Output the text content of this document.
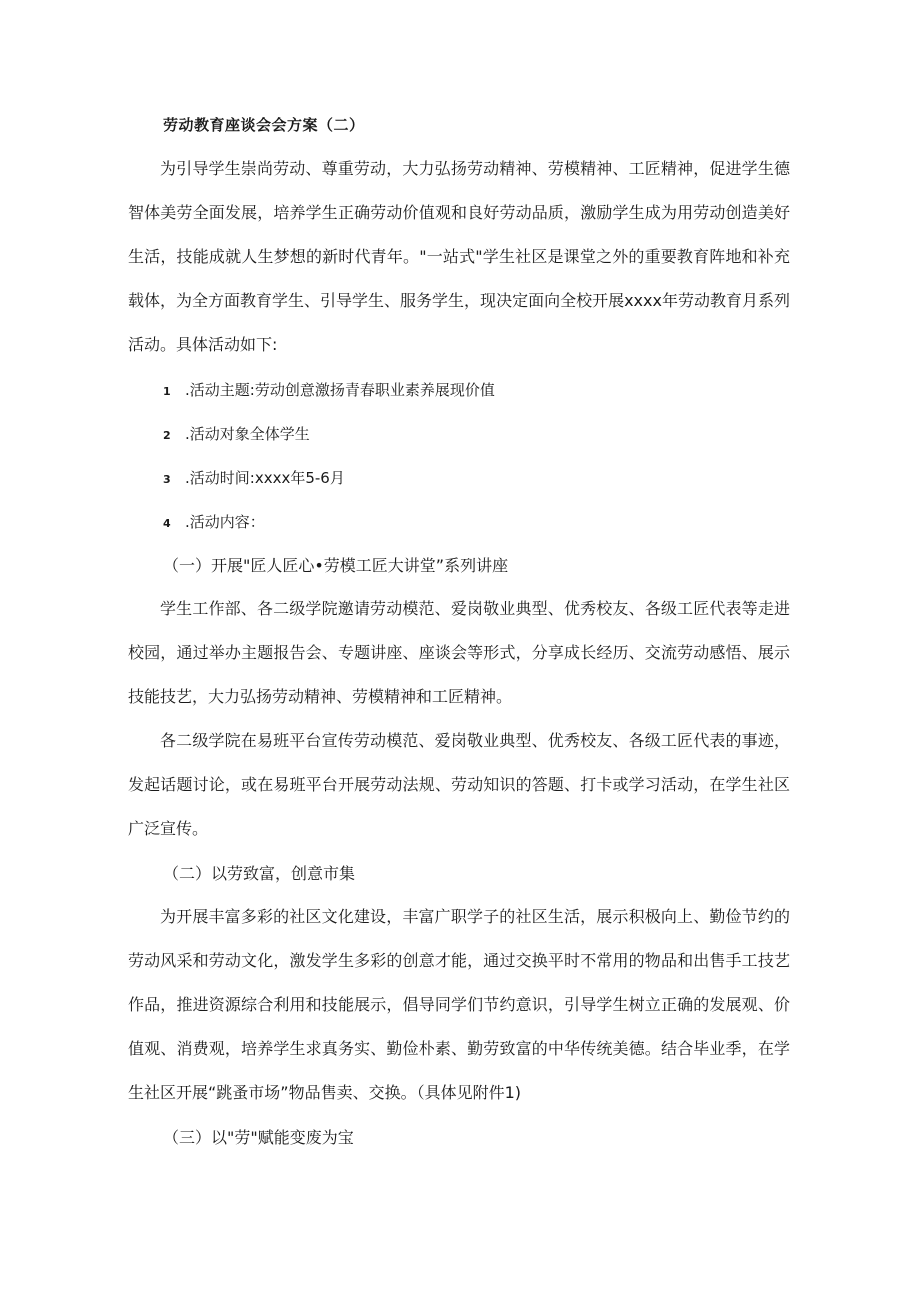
劳动教育座谈会会方案（二）

为引导学生崇尚劳动、尊重劳动，大力弘扬劳动精神、劳模精神、工匠精神，促进学生德智体美劳全面发展，培养学生正确劳动价值观和良好劳动品质，激励学生成为用劳动创造美好生活，技能成就人生梦想的新时代青年。"一站式"学生社区是课堂之外的重要教育阵地和补充载体，为全方面教育学生、引导学生、服务学生，现决定面向全校开展xxxx年劳动教育月系列活动。具体活动如下:

1 .活动主题:劳动创意激扬青春职业素养展现价值
2 .活动对象全体学生
3 .活动时间:xxxx年5-6月
4 .活动内容：
（一）开展"匠人匠心•劳模工匠大讲堂”系列讲座

学生工作部、各二级学院邀请劳动模范、爱岗敬业典型、优秀校友、各级工匠代表等走进校园，通过举办主题报告会、专题讲座、座谈会等形式，分享成长经历、交流劳动感悟、展示技能技艺，大力弘扬劳动精神、劳模精神和工匠精神。

各二级学院在易班平台宣传劳动模范、爱岗敬业典型、优秀校友、各级工匠代表的事迹，发起话题讨论，或在易班平台开展劳动法规、劳动知识的答题、打卡或学习活动，在学生社区广泛宣传。

（二）以劳致富，创意市集

为开展丰富多彩的社区文化建设，丰富广职学子的社区生活，展示积极向上、勤俭节约的劳动风采和劳动文化，激发学生多彩的创意才能，通过交换平时不常用的物品和出售手工技艺作品，推进资源综合利用和技能展示，倡导同学们节约意识，引导学生树立正确的发展观、价值观、消费观，培养学生求真务实、勤俭朴素、勤劳致富的中华传统美德。结合毕业季，在学生社区开展“跳蚤市场”物品售卖、交换。（具体见附件1)

（三）以"劳"赋能变废为宝
